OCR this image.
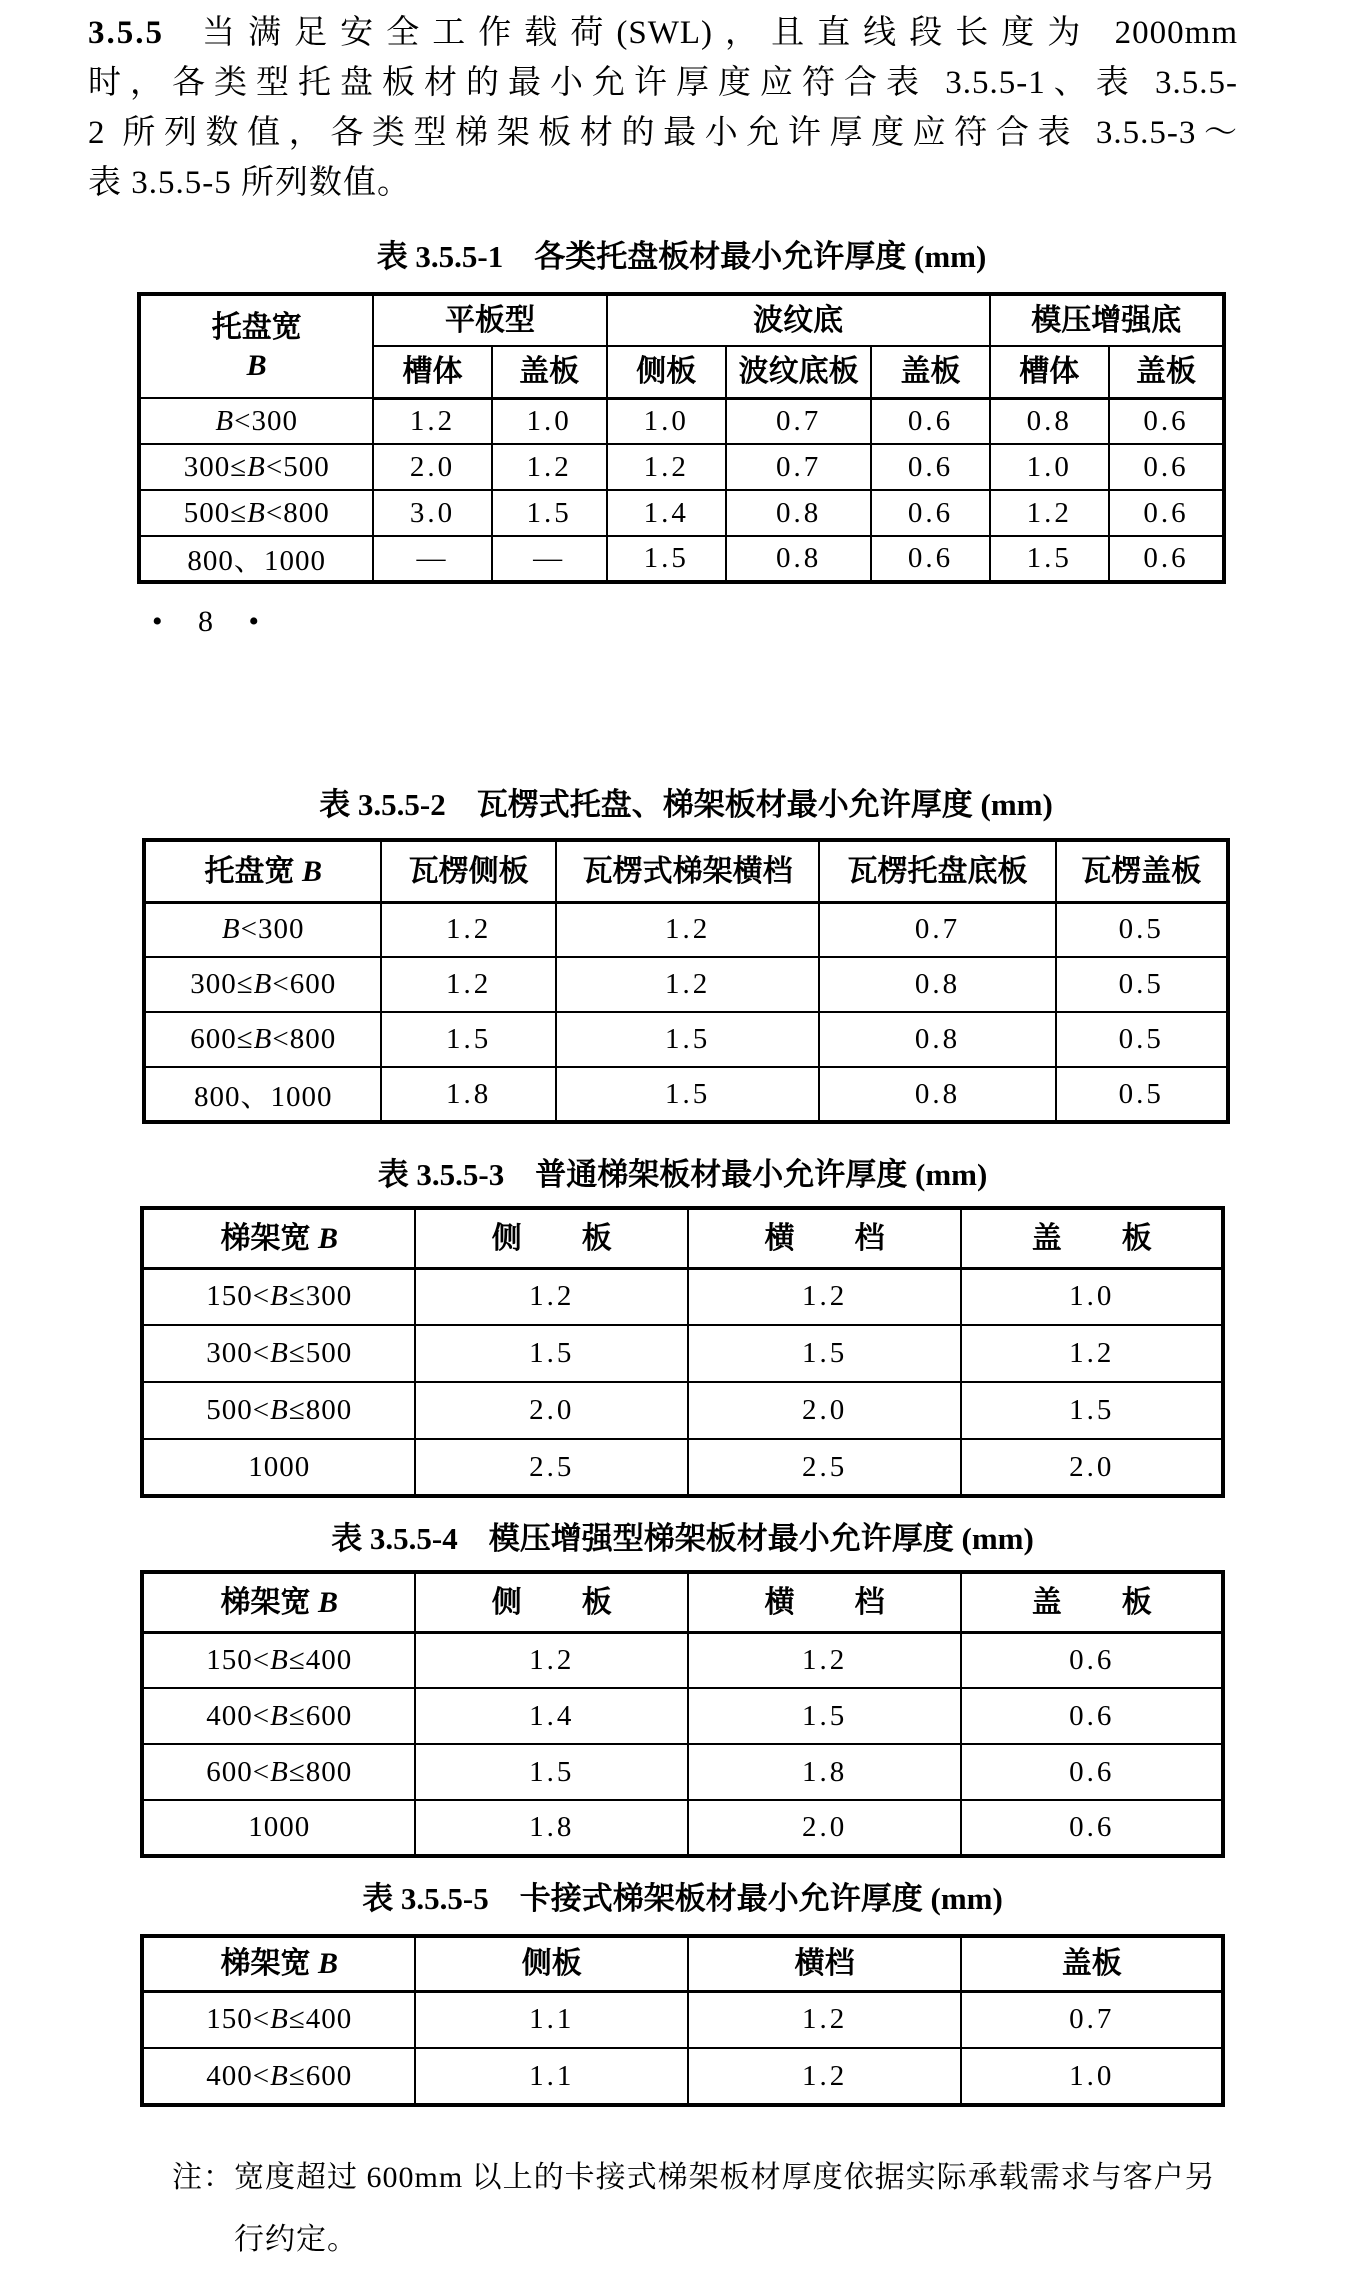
3.5.5 当满足安全工作载荷(SWL)，且直线段长度为 2000mm
时，各类型托盘板材的最小允许厚度应符合表 3.5.5-1、表 3.5.5-
2 所列数值，各类型梯架板材的最小允许厚度应符合表 3.5.5-3～
表 3.5.5-5 所列数值。

表 3.5.5-1　各类托盘板材最小允许厚度 (mm)
托盘宽
B	平板型		波纹底			模压增强底	
	槽体	盖板	侧板	波纹底板	盖板	槽体	盖板
B<300	1.2	1.0	1.0	0.7	0.6	0.8	0.6
300≤B<500	2.0	1.2	1.2	0.7	0.6	1.0	0.6
500≤B<800	3.0	1.5	1.4	0.8	0.6	1.2	0.6
800、1000	—	—	1.5	0.8	0.6	1.5	0.6
• 8 •
表 3.5.5-2　瓦楞式托盘、梯架板材最小允许厚度 (mm)
托盘宽 B	瓦楞侧板	瓦楞式梯架横档	瓦楞托盘底板	瓦楞盖板
B<300	1.2	1.2	0.7	0.5
300≤B<600	1.2	1.2	0.8	0.5
600≤B<800	1.5	1.5	0.8	0.5
800、1000	1.8	1.5	0.8	0.5
表 3.5.5-3　普通梯架板材最小允许厚度 (mm)
梯架宽 B	侧　　 板	横　　 档	盖　　 板
150<B≤300	1.2	1.2	1.0
300<B≤500	1.5	1.5	1.2
500<B≤800	2.0	2.0	1.5
1000	2.5	2.5	2.0
表 3.5.5-4　模压增强型梯架板材最小允许厚度 (mm)
梯架宽 B	侧　　 板	横　　 档	盖　　 板
150<B≤400	1.2	1.2	0.6
400<B≤600	1.4	1.5	0.6
600<B≤800	1.5	1.8	0.6
1000	1.8	2.0	0.6
表 3.5.5-5　卡接式梯架板材最小允许厚度 (mm)
梯架宽 B	侧板	横档	盖板
150<B≤400	1.1	1.2	0.7
400<B≤600	1.1	1.2	1.0
注：宽度超过 600mm 以上的卡接式梯架板材厚度依据实际承载需求与客户另行约定。
